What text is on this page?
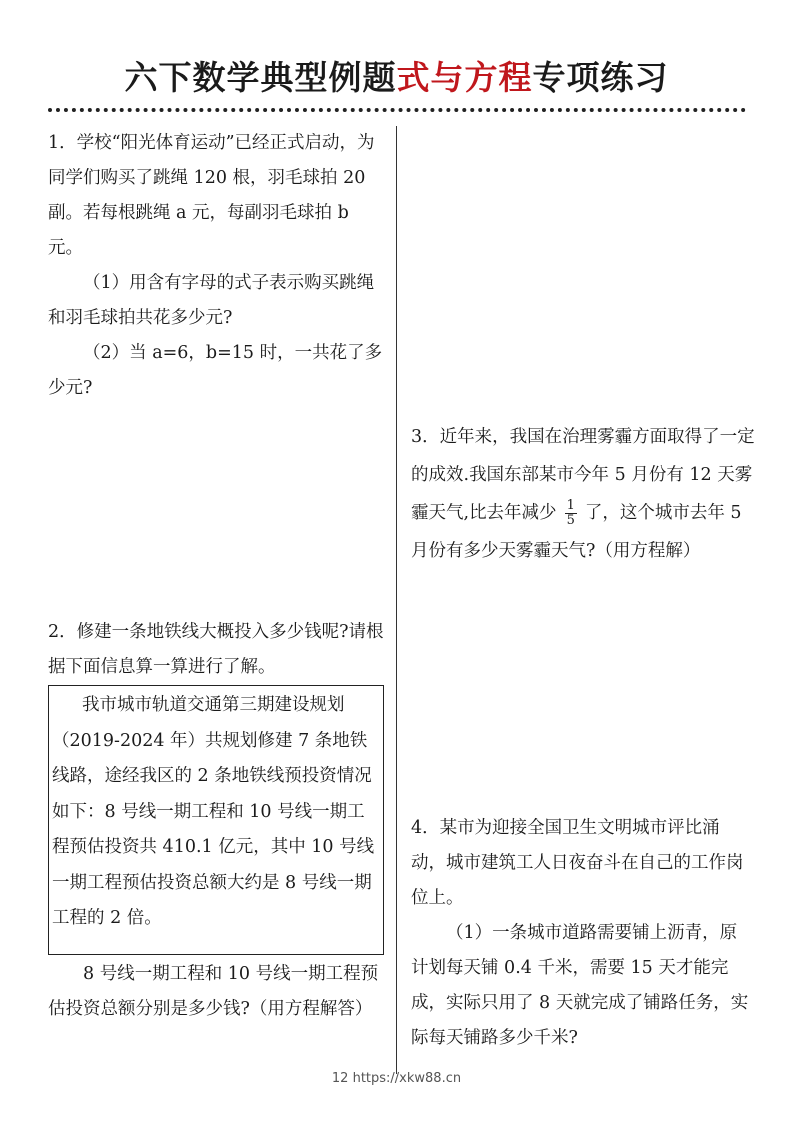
六下数学典型例题式与方程专项练习

1．学校“阳光体育运动”已经正式启动，为同学们购买了跳绳 120 根，羽毛球拍 20 副。若每根跳绳 a 元，每副羽毛球拍 b 元。

（1）用含有字母的式子表示购买跳绳和羽毛球拍共花多少元?

（2）当 a=6，b=15 时，一共花了多少元?

2．修建一条地铁线大概投入多少钱呢?请根据下面信息算一算进行了解。

我市城市轨道交通第三期建设规划（2019-2024 年）共规划修建 7 条地铁线路，途经我区的 2 条地铁线预投资情况如下：8 号线一期工程和 10 号线一期工程预估投资共 410.1 亿元，其中 10 号线一期工程预估投资总额大约是 8 号线一期工程的 2 倍。

8 号线一期工程和 10 号线一期工程预估投资总额分别是多少钱?（用方程解答）

3．近年来，我国在治理雾霾方面取得了一定的成效.我国东部某市今年 5 月份有 12 天雾霾天气,比去年减少 $\frac{1}{5}$ 了，这个城市去年 5 月份有多少天雾霾天气?（用方程解）

4．某市为迎接全国卫生文明城市评比涌动，城市建筑工人日夜奋斗在自己的工作岗位上。

（1）一条城市道路需要铺上沥青，原计划每天铺 0.4 千米，需要 15 天才能完成，实际只用了 8 天就完成了铺路任务，实际每天铺路多少千米?

12 https://xkw88.cn
